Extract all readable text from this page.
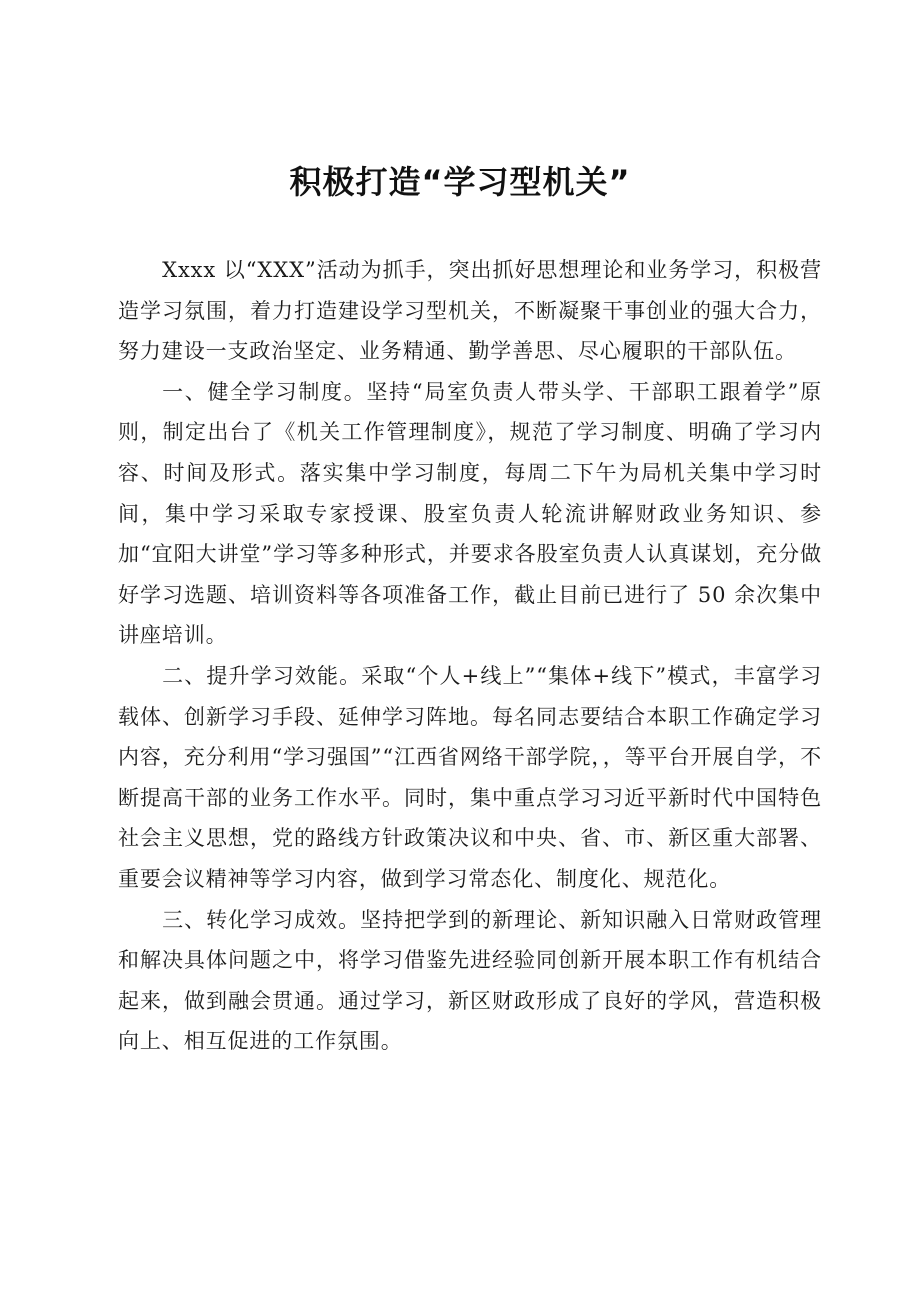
积极打造“学习型机关”

Xxxx 以“XXX”活动为抓手，突出抓好思想理论和业务学习，积极营造学习氛围，着力打造建设学习型机关，不断凝聚干事创业的强大合力，努力建设一支政治坚定、业务精通、勤学善思、尽心履职的干部队伍。

一、健全学习制度。坚持“局室负责人带头学、干部职工跟着学”原则，制定出台了《机关工作管理制度》，规范了学习制度、明确了学习内容、时间及形式。落实集中学习制度，每周二下午为局机关集中学习时间，集中学习采取专家授课、股室负责人轮流讲解财政业务知识、参加“宜阳大讲堂”学习等多种形式，并要求各股室负责人认真谋划，充分做好学习选题、培训资料等各项准备工作，截止目前已进行了 50 余次集中讲座培训。

二、提升学习效能。采取“个人+线上”“集体+线下”模式，丰富学习载体、创新学习手段、延伸学习阵地。每名同志要结合本职工作确定学习内容，充分利用“学习强国”“江西省网络干部学院，，等平台开展自学，不断提高干部的业务工作水平。同时，集中重点学习习近平新时代中国特色社会主义思想，党的路线方针政策决议和中央、省、市、新区重大部署、重要会议精神等学习内容，做到学习常态化、制度化、规范化。

三、转化学习成效。坚持把学到的新理论、新知识融入日常财政管理和解决具体问题之中，将学习借鉴先进经验同创新开展本职工作有机结合起来，做到融会贯通。通过学习，新区财政形成了良好的学风，营造积极向上、相互促进的工作氛围。
